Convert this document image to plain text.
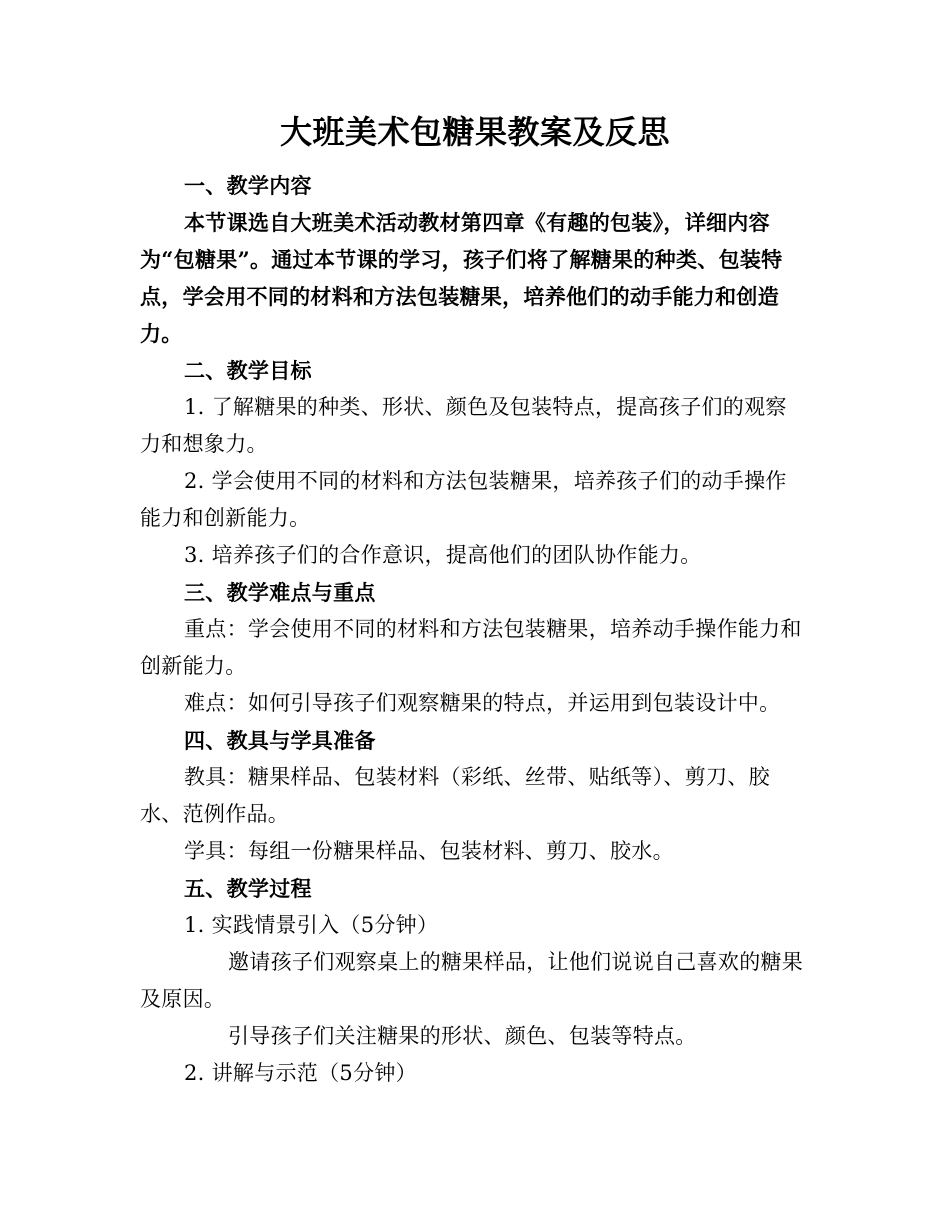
大班美术包糖果教案及反思
一、教学内容
本节课选自大班美术活动教材第四章《有趣的包装》，详细内容为“包糖果”。通过本节课的学习，孩子们将了解糖果的种类、包装特点，学会用不同的材料和方法包装糖果，培养他们的动手能力和创造力。
二、教学目标
1. 了解糖果的种类、形状、颜色及包装特点，提高孩子们的观察力和想象力。
2. 学会使用不同的材料和方法包装糖果，培养孩子们的动手操作能力和创新能力。
3. 培养孩子们的合作意识，提高他们的团队协作能力。
三、教学难点与重点
重点：学会使用不同的材料和方法包装糖果，培养动手操作能力和创新能力。
难点：如何引导孩子们观察糖果的特点，并运用到包装设计中。
四、教具与学具准备
教具：糖果样品、包装材料（彩纸、丝带、贴纸等）、剪刀、胶水、范例作品。
学具：每组一份糖果样品、包装材料、剪刀、胶水。
五、教学过程
1. 实践情景引入（5分钟）
邀请孩子们观察桌上的糖果样品，让他们说说自己喜欢的糖果及原因。
引导孩子们关注糖果的形状、颜色、包装等特点。
2. 讲解与示范（5分钟）
